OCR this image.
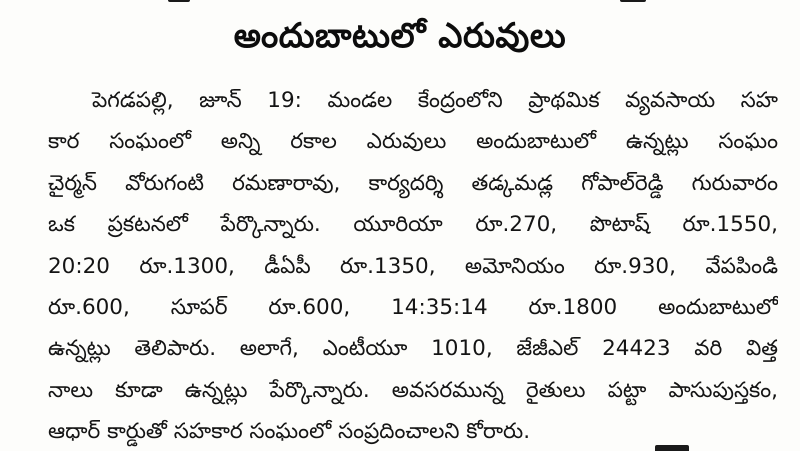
అందుబాటులో ఎరువులు
పెగడపల్లి, జూన్ 19: మండల కేంద్రంలోని ప్రాథమిక వ్యవసాయ సహ
కార సంఘంలో అన్ని రకాల ఎరువులు అందుబాటులో ఉన్నట్లు సంఘం
చైర్మన్ వోరుగంటి రమణారావు, కార్యదర్శి తడ్కమడ్ల గోపాల్‌రెడ్డి గురువారం
ఒక ప్రకటనలో పేర్కొన్నారు. యూరియా రూ.270, పొటాష్ రూ.1550,
20:20 రూ.1300, డీఏపీ రూ.1350, అమోనియం రూ.930, వేపపిండి
రూ.600, సూపర్ రూ.600, 14:35:14 రూ.1800 అందుబాటులో
ఉన్నట్లు తెలిపారు. అలాగే, ఎంటీయూ 1010, జేజీఎల్ 24423 వరి విత్త
నాలు కూడా ఉన్నట్లు పేర్కొన్నారు. అవసరమున్న రైతులు పట్టా పాసుపుస్తకం,
ఆధార్ కార్డుతో సహకార సంఘంలో సంప్రదించాలని కోరారు.
